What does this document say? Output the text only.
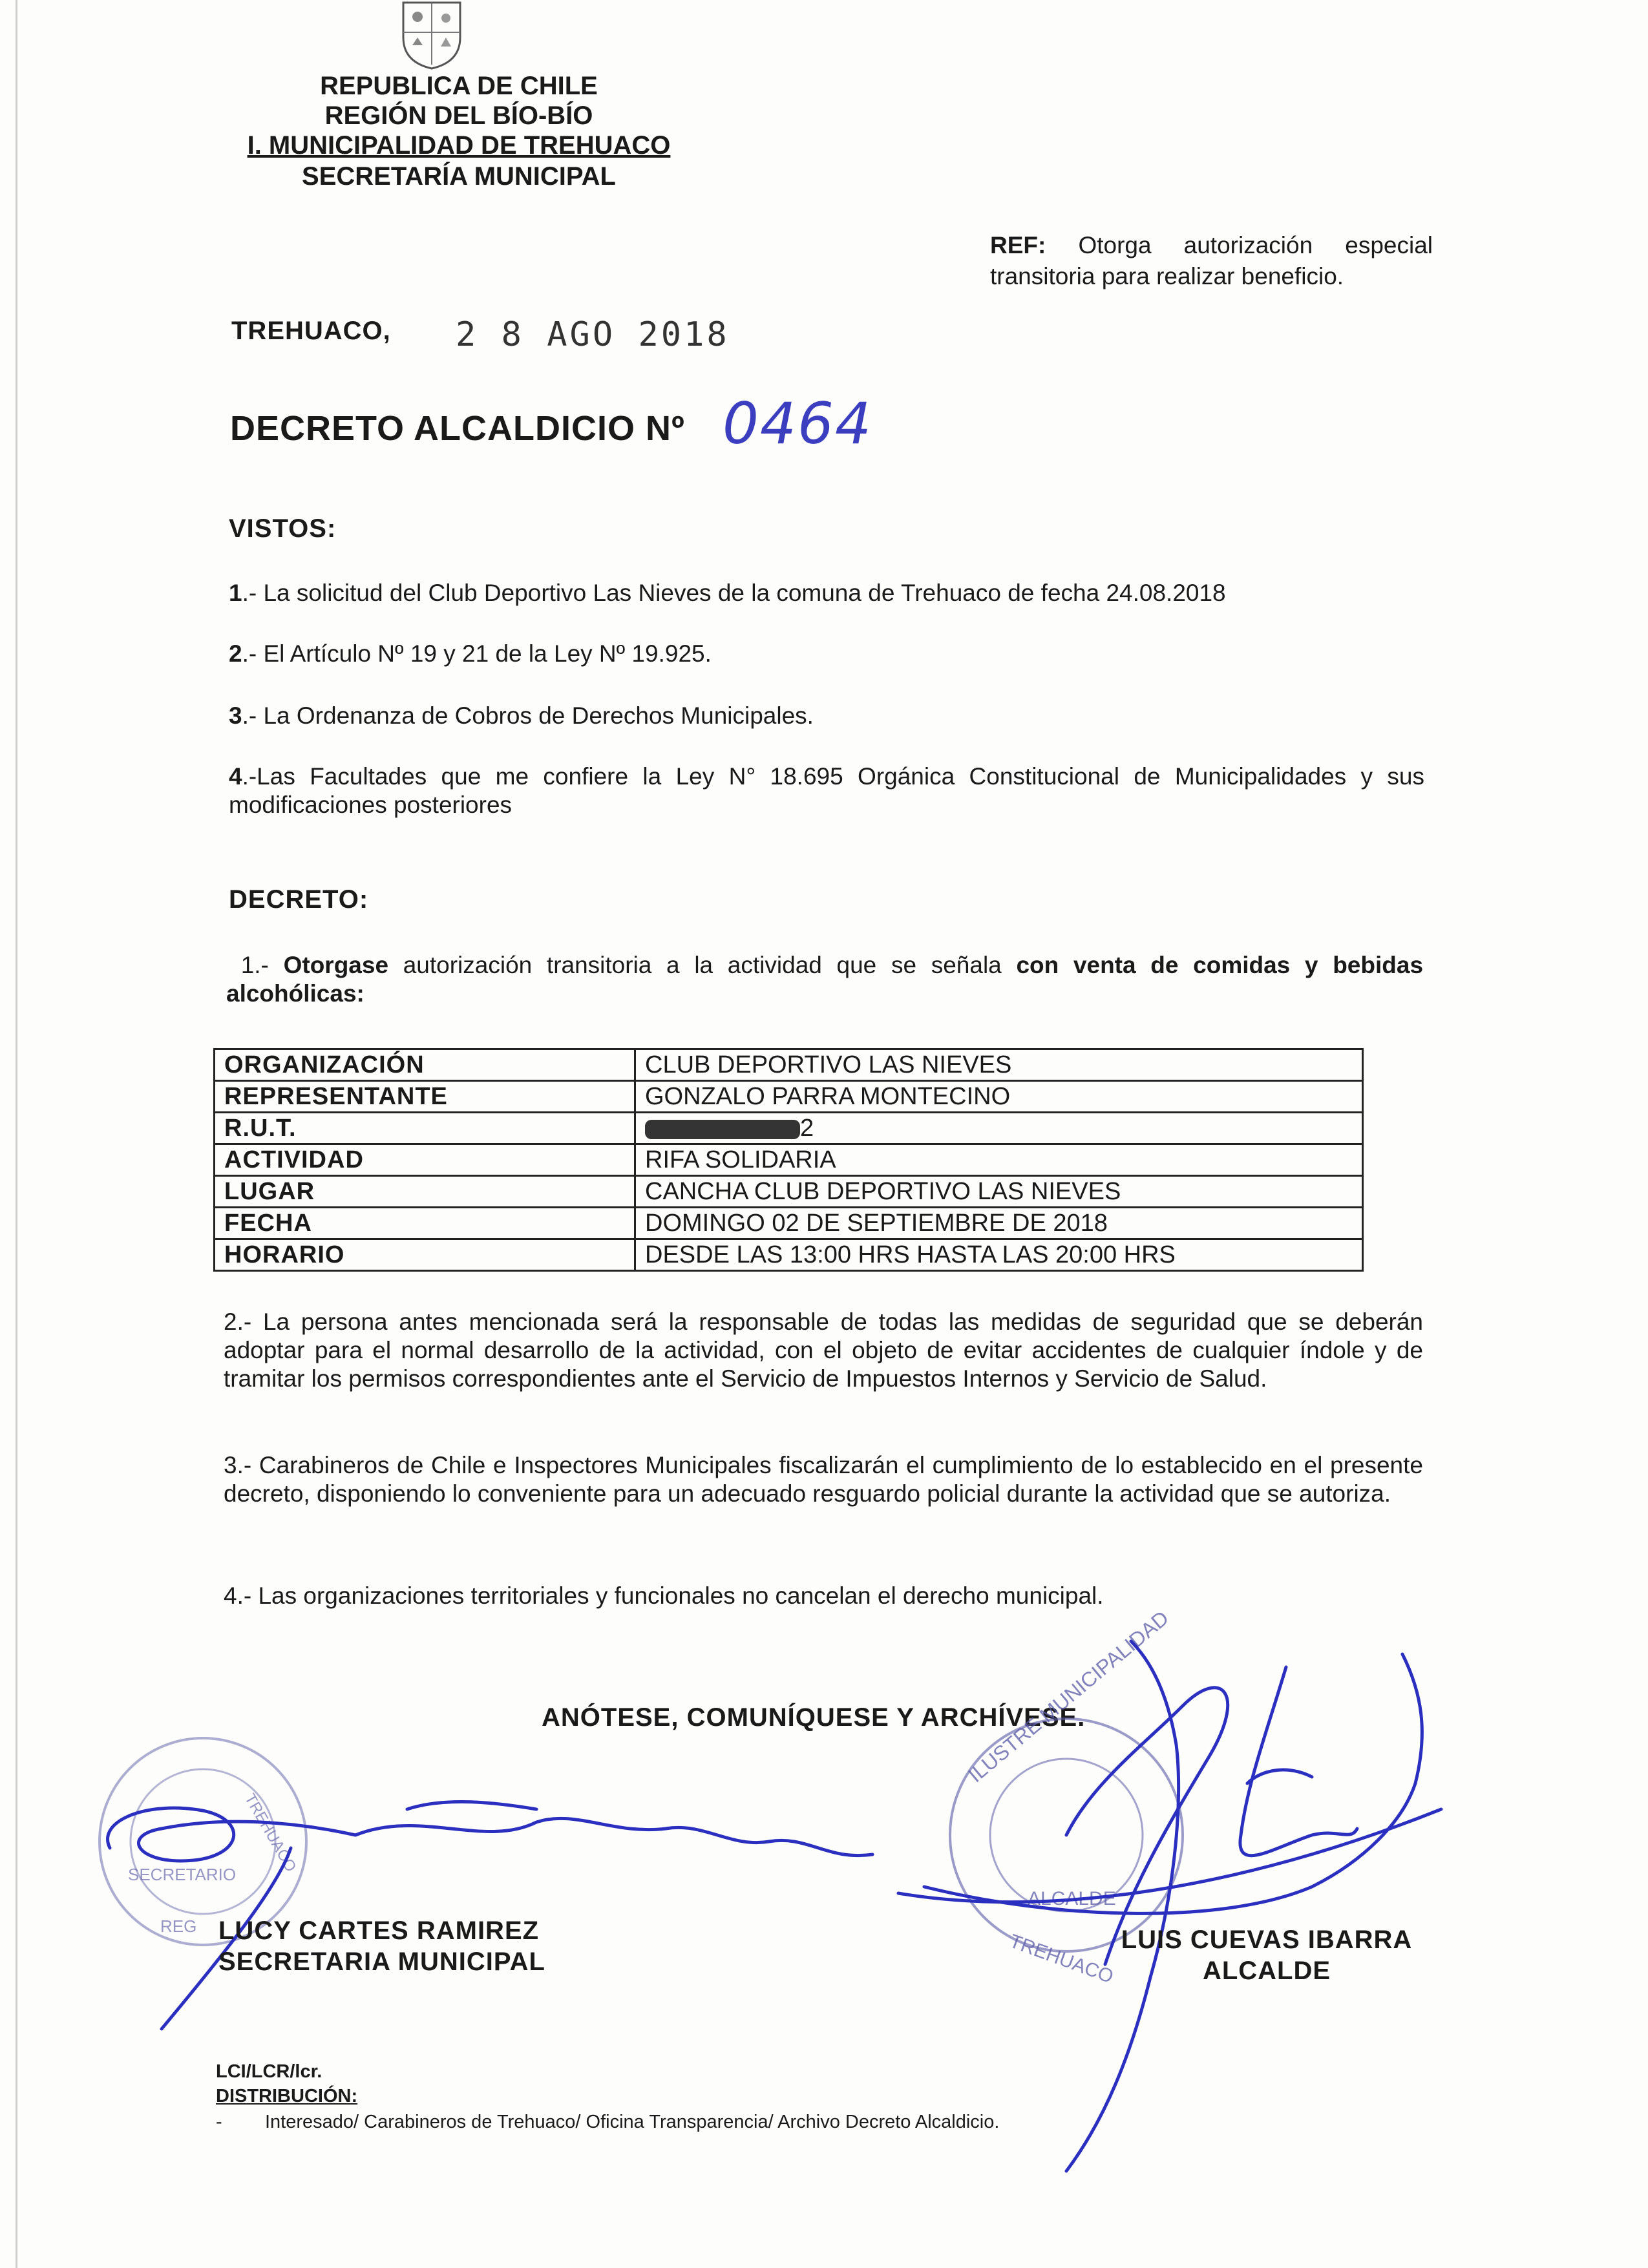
REPUBLICA DE CHILE
REGIÓN DEL BÍO-BÍO
I. MUNICIPALIDAD DE TREHUACO
SECRETARÍA MUNICIPAL
REF: Otorga autorización especial transitoria para realizar beneficio.
TREHUACO, 2 8 AGO 2018
DECRETO ALCALDICIO Nº 0464
VISTOS:
1.- La solicitud del Club Deportivo Las Nieves de la comuna de Trehuaco de fecha 24.08.2018
2.- El Artículo Nº 19 y 21 de la Ley Nº 19.925.
3.- La Ordenanza de Cobros de Derechos Municipales.
4.-Las Facultades que me confiere la Ley N° 18.695 Orgánica Constitucional de Municipalidades y sus modificaciones posteriores
DECRETO:
1.- Otorgase autorización transitoria a la actividad que se señala con venta de comidas y bebidas alcohólicas:
ORGANIZACIÓN	CLUB DEPORTIVO LAS NIEVES
REPRESENTANTE	GONZALO PARRA MONTECINO
R.U.T.	2
ACTIVIDAD	RIFA SOLIDARIA
LUGAR	CANCHA CLUB DEPORTIVO LAS NIEVES
FECHA	DOMINGO 02 DE SEPTIEMBRE DE 2018
HORARIO	DESDE LAS 13:00 HRS HASTA LAS 20:00 HRS
2.- La persona antes mencionada será la responsable de todas las medidas de seguridad que se deberán adoptar para el normal desarrollo de la actividad, con el objeto de evitar accidentes de cualquier índole y de tramitar los permisos correspondientes ante el Servicio de Impuestos Internos y Servicio de Salud.
3.- Carabineros de Chile e Inspectores Municipales fiscalizarán el cumplimiento de lo establecido en el presente decreto, disponiendo lo conveniente para un adecuado resguardo policial durante la actividad que se autoriza.
4.- Las organizaciones territoriales y funcionales no cancelan el derecho municipal.
ANÓTESE, COMUNÍQUESE Y ARCHÍVESE.
SECRETARIO
REG
TREHUACO
ILUSTRE MUNICIPALIDAD
ALCALDE
TREHUACO
LUCY CARTES RAMIREZ
SECRETARIA MUNICIPAL
LUIS CUEVAS IBARRA
ALCALDE
LCI/LCR/lcr.
DISTRIBUCIÓN:
- Interesado/ Carabineros de Trehuaco/ Oficina Transparencia/ Archivo Decreto Alcaldicio.
